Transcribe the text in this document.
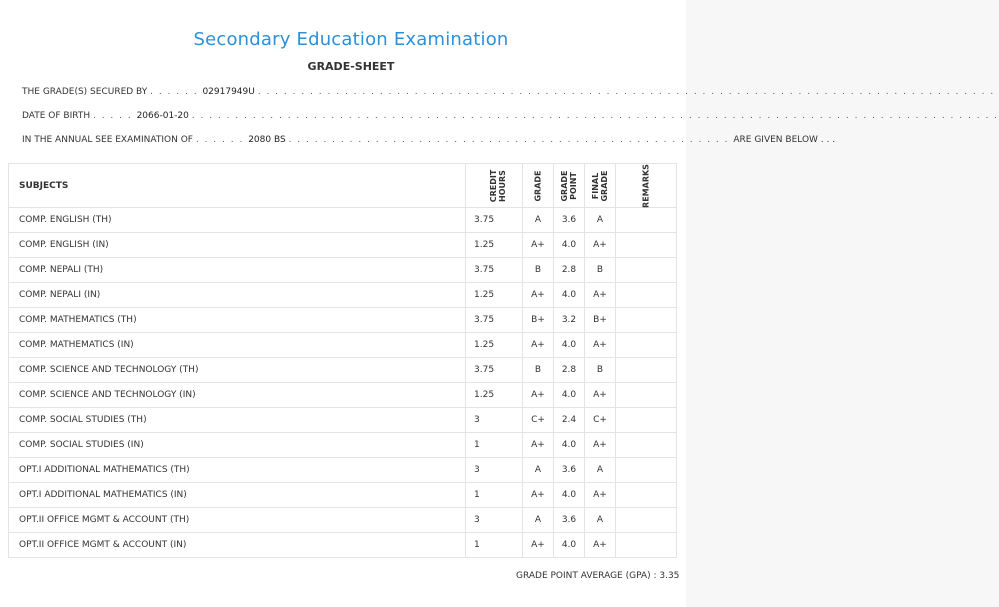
Secondary Education Examination
GRADE-SHEET
THE GRADE(S) SECURED BY . . . . . . 02917949U . . . . . . . . . . . . . . . . . . . . . . . . . . . . . . . . . . . . . . . . . . . . . . . . . . . . . . . . . . . . . . . . . . . . . . . . . . . . . . . . . . . . .
DATE OF BIRTH . . . . . 2066-01-20 . . . . . . . . . . . . . . . . . . . . . . . . . . . . . . . . . . . . . . . . . . . . . . . . . . . . . . . . . . . . . . . . . . . . . . . . . . . . . . . . . . . . . . . . . . . . .
IN THE ANNUAL SEE EXAMINATION OF . . . . . . 2080 BS . . . . . . . . . . . . . . . . . . . . . . . . . . . . . . . . . . . . . . . . . . . . . . . . . . . ARE GIVEN BELOW . . .
SUBJECTS	CREDIT HOURS	GRADE	GRADE POINT	FINAL GRADE	REMARKS

COMP. ENGLISH (TH)	3.75	A	3.6	A	
COMP. ENGLISH (IN)	1.25	A+	4.0	A+	
COMP. NEPALI (TH)	3.75	B	2.8	B	
COMP. NEPALI (IN)	1.25	A+	4.0	A+	
COMP. MATHEMATICS (TH)	3.75	B+	3.2	B+	
COMP. MATHEMATICS (IN)	1.25	A+	4.0	A+	
COMP. SCIENCE AND TECHNOLOGY (TH)	3.75	B	2.8	B	
COMP. SCIENCE AND TECHNOLOGY (IN)	1.25	A+	4.0	A+	
COMP. SOCIAL STUDIES (TH)	3	C+	2.4	C+	
COMP. SOCIAL STUDIES (IN)	1	A+	4.0	A+	
OPT.I ADDITIONAL MATHEMATICS (TH)	3	A	3.6	A	
OPT.I ADDITIONAL MATHEMATICS (IN)	1	A+	4.0	A+	
OPT.II OFFICE MGMT & ACCOUNT (TH)	3	A	3.6	A	
OPT.II OFFICE MGMT & ACCOUNT (IN)	1	A+	4.0	A+	
GRADE POINT AVERAGE (GPA) : 3.35
